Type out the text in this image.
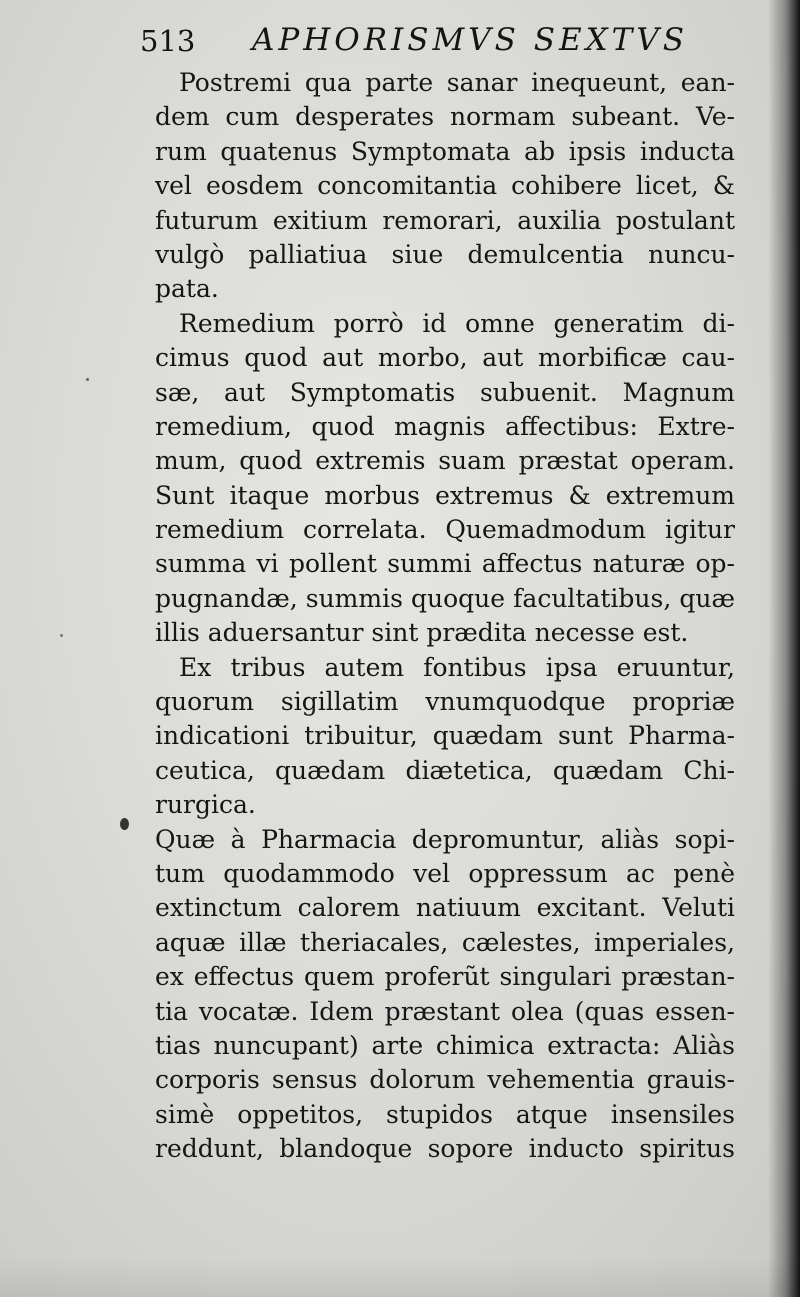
513 APHORISMVS SEXTVS
Postremi qua parte sanar inequeunt, ean-
dem cum desperates normam subeant. Ve-
rum quatenus Symptomata ab ipsis inducta
vel eosdem concomitantia cohibere licet, &
futurum exitium remorari, auxilia postulant
vulgò palliatiua siue demulcentia nuncu-
pata.
Remedium porrò id omne generatim di-
cimus quod aut morbo, aut morbificæ cau-
sæ, aut Symptomatis subuenit. Magnum
remedium, quod magnis affectibus: Extre-
mum, quod extremis suam præstat operam.
Sunt itaque morbus extremus & extremum
remedium correlata. Quemadmodum igitur
summa vi pollent summi affectus naturæ op-
pugnandæ, summis quoque facultatibus, quæ
illis aduersantur sint prædita necesse est.
Ex tribus autem fontibus ipsa eruuntur,
quorum sigillatim vnumquodque propriæ
indicationi tribuitur, quædam sunt Pharma-
ceutica, quædam diætetica, quædam Chi-
rurgica.
Quæ à Pharmacia depromuntur, aliàs sopi-
tum quodammodo vel oppressum ac penè
extinctum calorem natiuum excitant. Veluti
aquæ illæ theriacales, cælestes, imperiales,
ex effectus quem proferũt singulari præstan-
tia vocatæ. Idem præstant olea (quas essen-
tias nuncupant) arte chimica extracta: Aliàs
corporis sensus dolorum vehementia grauis-
simè oppetitos, stupidos atque insensiles
reddunt, blandoque sopore inducto spiritus
